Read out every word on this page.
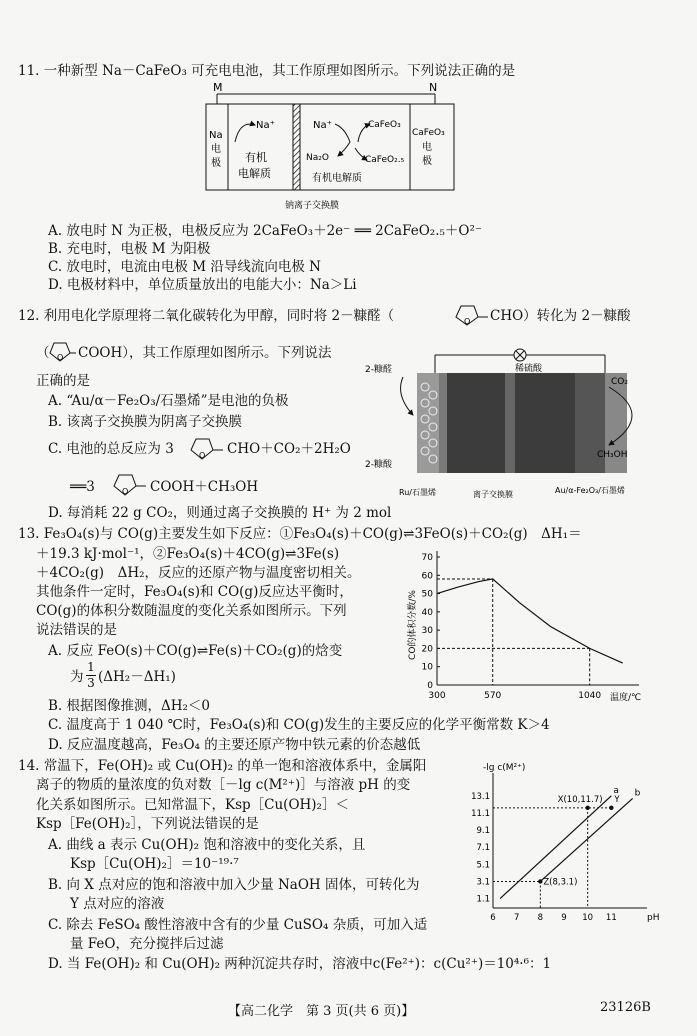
11. 一种新型 Na－CaFeO₃ 可充电电池，其工作原理如图所示。下列说法正确的是
M	N
Na 电极
Na⁺
有机
电解质
Na⁺	CaFeO₃
Na₂O	CaFeO₂.₅
有机电解质
CaFeO₃
电
极
钠离子交换膜
A. 放电时 N 为正极，电极反应为 2CaFeO₃＋2e⁻ ══ 2CaFeO₂.₅＋O²⁻
B. 充电时，电极 M 为阳极
C. 放电时，电流由电极 M 沿导线流向电极 N
D. 电极材料中，单位质量放出的电能大小：Na＞Li
12. 利用电化学原理将二氧化碳转化为甲醇，同时将 2－糠醛（	O CHO）转化为 2－糠酸
（ O COOH），其工作原理如图所示。下列说法
正确的是
A. “Au/α－Fe₂O₃/石墨烯”是电池的负极
B. 该离子交换膜为阴离子交换膜
C. 电池的总反应为 3	O CHO＋CO₂＋2H₂O
══3	O COOH＋CH₃OH
D. 每消耗 22 g CO₂，则通过离子交换膜的 H⁺ 为 2 mol
稀硫酸
2-糠醛
2-糠酸
CO₂
CH₃OH
Ru/石墨烯	离子交换膜	Au/α-Fe₂O₃/石墨烯
13. Fe₃O₄(s)与 CO(g)主要发生如下反应：①Fe₃O₄(s)＋CO(g)⇌3FeO(s)＋CO₂(g)　ΔH₁＝
＋19.3 kJ·mol⁻¹，②Fe₃O₄(s)＋4CO(g)⇌3Fe(s)
＋4CO₂(g)　ΔH₂，反应的还原产物与温度密切相关。
其他条件一定时，Fe₃O₄(s)和 CO(g)反应达平衡时，
CO(g)的体积分数随温度的变化关系如图所示。下列
说法错误的是
A. 反应 FeO(s)＋CO(g)⇌Fe(s)＋CO₂(g)的焓变
为
1
3 (ΔH₂－ΔH₁)
B. 根据图像推测，ΔH₂＜0
C. 温度高于 1 040 ℃时，Fe₃O₄(s)和 CO(g)发生的主要反应的化学平衡常数 K＞4
D. 反应温度越高，Fe₃O₄ 的主要还原产物中铁元素的价态越低
0
10
20
30
40
50
60
70
300	570	1040 温度/℃
CO的体积分数/%
14. 常温下，Fe(OH)₂ 或 Cu(OH)₂ 的单一饱和溶液体系中，金属阳
离子的物质的量浓度的负对数［－lg c(M²⁺)］与溶液 pH 的变
化关系如图所示。已知常温下，Ksp［Cu(OH)₂］＜
Ksp［Fe(OH)₂］，下列说法错误的是
A. 曲线 a 表示 Cu(OH)₂ 饱和溶液中的变化关系，且
Ksp［Cu(OH)₂］＝10⁻¹⁹·⁷
B. 向 X 点对应的饱和溶液中加入少量 NaOH 固体，可转化为
Y 点对应的溶液
C. 除去 FeSO₄ 酸性溶液中含有的少量 CuSO₄ 杂质，可加入适
量 FeO，充分搅拌后过滤
D. 当 Fe(OH)₂ 和 Cu(OH)₂ 两种沉淀共存时，溶液中c(Fe²⁺)：c(Cu²⁺)＝10⁴·⁶：1
-lg c(M²⁺)
pH
1.1
3.1
5.1
7.1
9.1
11.1
13.1
6 7 8 9 10 11
a b
X(10,11.7) Y
Z(8,3.1)
【高二化学　第 3 页(共 6 页)】	23126B
